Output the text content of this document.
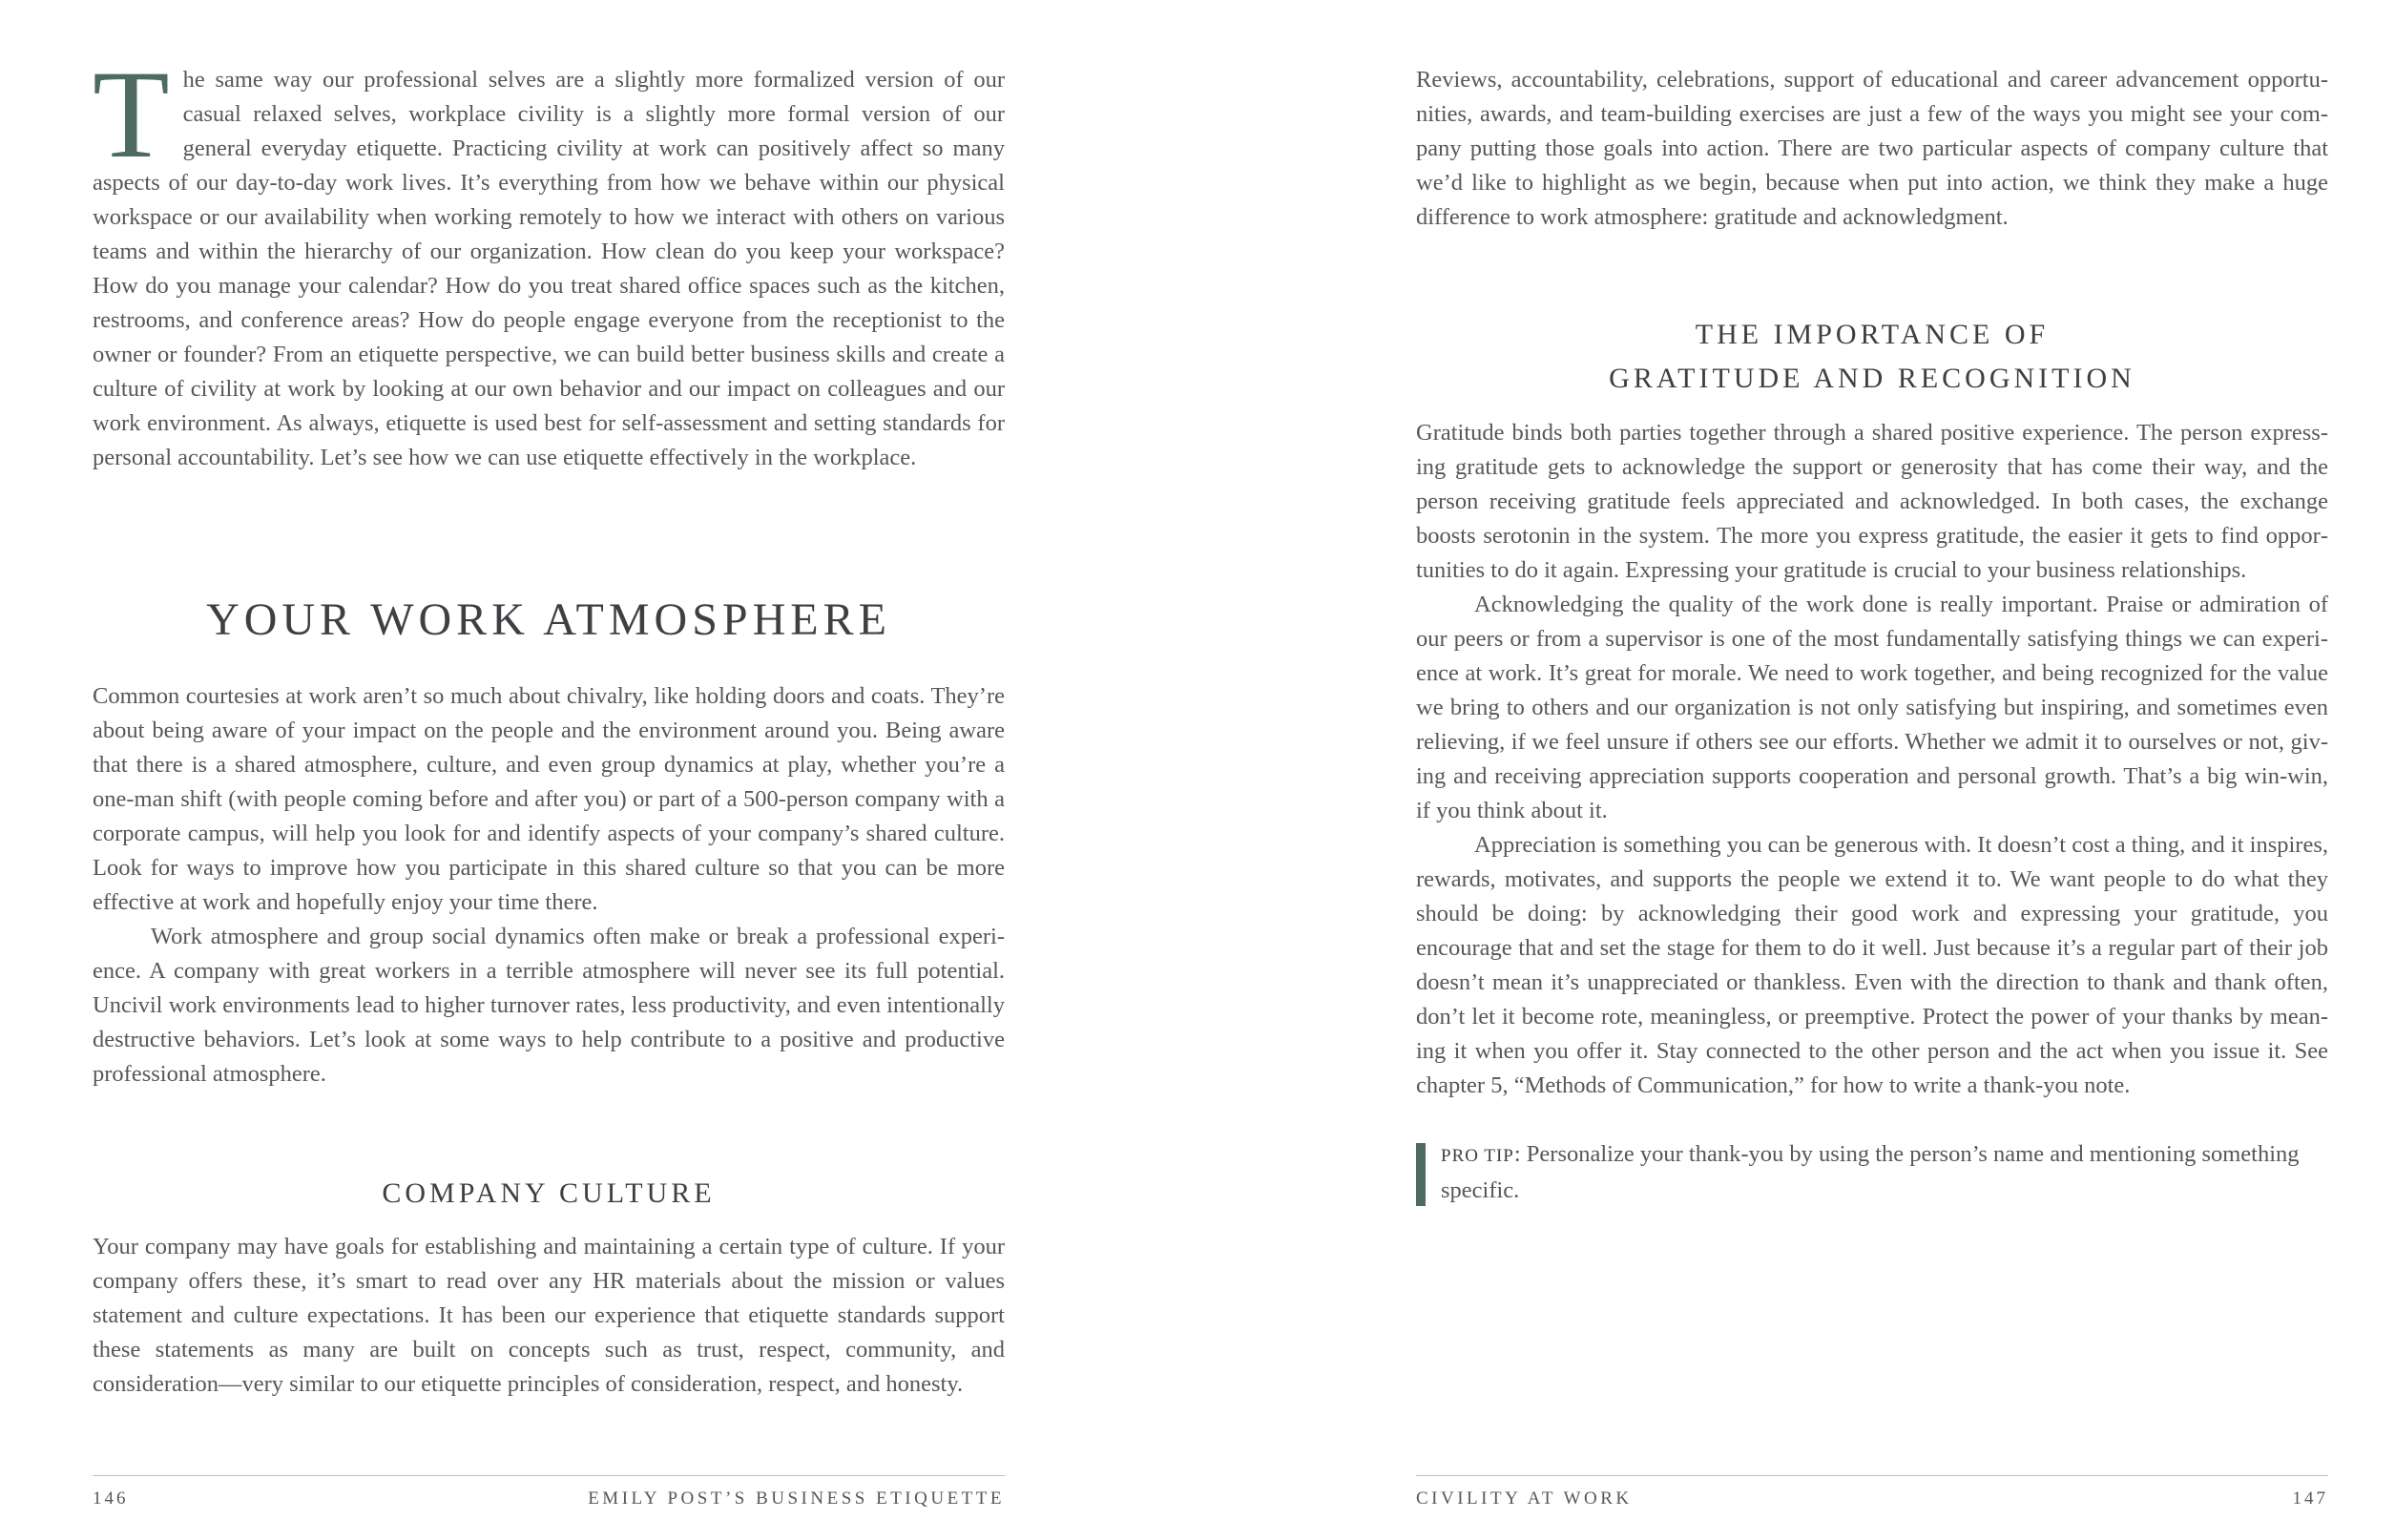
The same way our professional selves are a slightly more formalized version of our casual relaxed selves, workplace civility is a slightly more formal version of our general everyday etiquette. Practicing civility at work can positively affect so many aspects of our day-to-day work lives. It’s everything from how we behave within our physical workspace or our availability when working remotely to how we interact with others on various teams and within the hierarchy of our organization. How clean do you keep your workspace? How do you manage your calendar? How do you treat shared office spaces such as the kitchen, restrooms, and conference areas? How do people engage everyone from the receptionist to the owner or founder? From an etiquette perspective, we can build better business skills and create a culture of civility at work by looking at our own behavior and our impact on colleagues and our work environment. As always, etiquette is used best for self-assessment and setting standards for personal accountability. Let’s see how we can use etiquette effectively in the workplace.

YOUR WORK ATMOSPHERE

Common courtesies at work aren’t so much about chivalry, like holding doors and coats. They’re about being aware of your impact on the people and the environment around you. Being aware that there is a shared atmosphere, culture, and even group dynamics at play, whether you’re a one-man shift (with people coming before and after you) or part of a 500-person company with a corporate campus, will help you look for and identify aspects of your company’s shared culture. Look for ways to improve how you participate in this shared culture so that you can be more effective at work and hopefully enjoy your time there.

Work atmosphere and group social dynamics often make or break a professional experience. A company with great workers in a terrible atmosphere will never see its full potential. Uncivil work environments lead to higher turnover rates, less productivity, and even intentionally destructive behaviors. Let’s look at some ways to help contribute to a positive and productive professional atmosphere.

COMPANY CULTURE

Your company may have goals for establishing and maintaining a certain type of culture. If your company offers these, it’s smart to read over any HR materials about the mission or values statement and culture expectations. It has been our experience that etiquette standards support these statements as many are built on concepts such as trust, respect, community, and consideration—very similar to our etiquette principles of consideration, respect, and honesty.

146	EMILY POST’S BUSINESS ETIQUETTE

Reviews, accountability, celebrations, support of educational and career advancement opportunities, awards, and team-building exercises are just a few of the ways you might see your company putting those goals into action. There are two particular aspects of company culture that we’d like to highlight as we begin, because when put into action, we think they make a huge difference to work atmosphere: gratitude and acknowledgment.

THE IMPORTANCE OF
GRATITUDE AND RECOGNITION

Gratitude binds both parties together through a shared positive experience. The person expressing gratitude gets to acknowledge the support or generosity that has come their way, and the person receiving gratitude feels appreciated and acknowledged. In both cases, the exchange boosts serotonin in the system. The more you express gratitude, the easier it gets to find opportunities to do it again. Expressing your gratitude is crucial to your business relationships.

Acknowledging the quality of the work done is really important. Praise or admiration of our peers or from a supervisor is one of the most fundamentally satisfying things we can experience at work. It’s great for morale. We need to work together, and being recognized for the value we bring to others and our organization is not only satisfying but inspiring, and sometimes even relieving, if we feel unsure if others see our efforts. Whether we admit it to ourselves or not, giving and receiving appreciation supports cooperation and personal growth. That’s a big win-win, if you think about it.

Appreciation is something you can be generous with. It doesn’t cost a thing, and it inspires, rewards, motivates, and supports the people we extend it to. We want people to do what they should be doing: by acknowledging their good work and expressing your gratitude, you encourage that and set the stage for them to do it well. Just because it’s a regular part of their job doesn’t mean it’s unappreciated or thankless. Even with the direction to thank and thank often, don’t let it become rote, meaningless, or preemptive. Protect the power of your thanks by meaning it when you offer it. Stay connected to the other person and the act when you issue it. See chapter 5, “Methods of Communication,” for how to write a thank-you note.

PRO TIP: Personalize your thank-you by using the person’s name and mentioning something specific.
CIVILITY AT WORK	147
